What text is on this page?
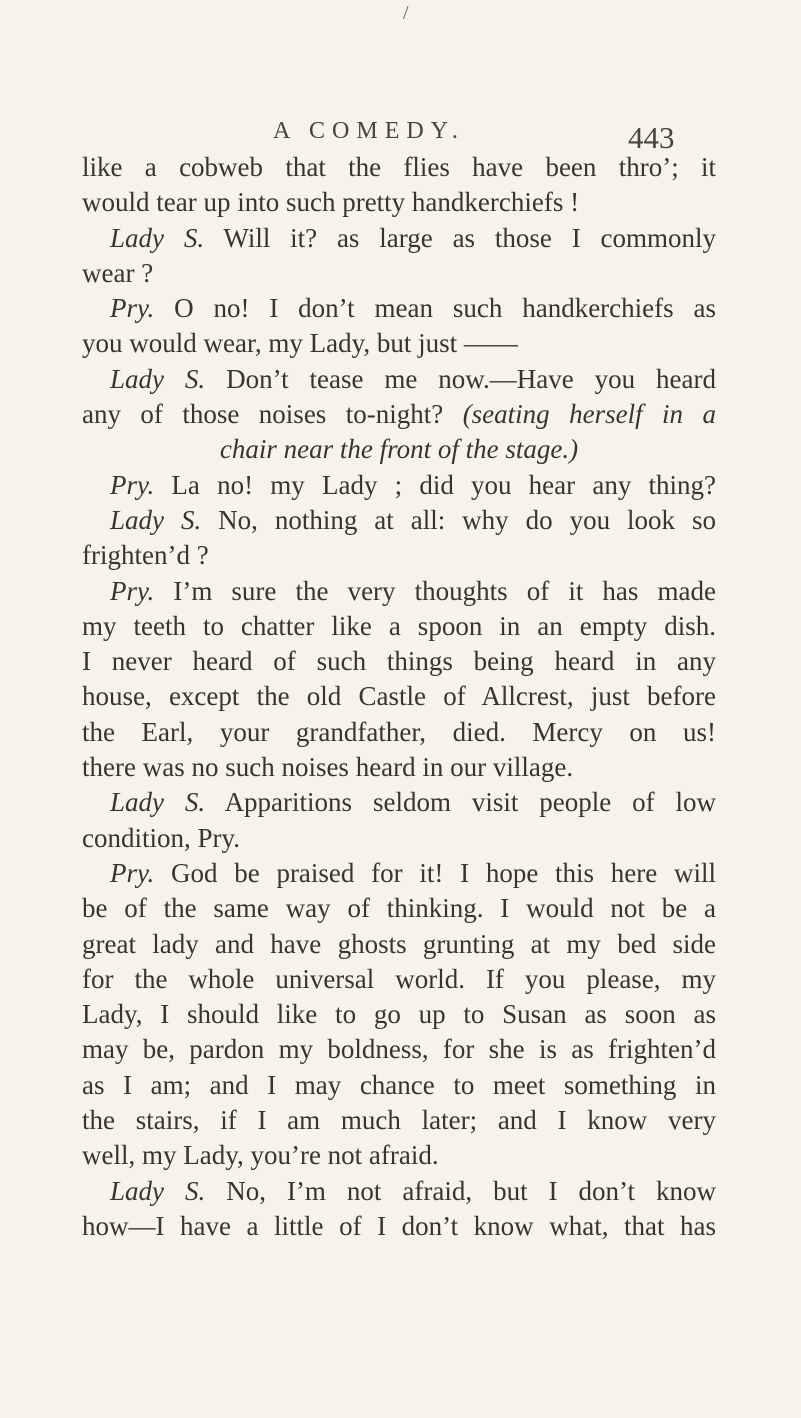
/
A COMEDY.	443
like a cobweb that the flies have been thro’; it
would tear up into such pretty handkerchiefs !
Lady S. Will it? as large as those I commonly
wear ?
Pry. O no! I don’t mean such handkerchiefs as
you would wear, my Lady, but just ——
Lady S. Don’t tease me now.—Have you heard
any of those noises to-night? (seating herself in a
chair near the front of the stage.)
Pry. La no! my Lady ; did you hear any thing?
Lady S. No, nothing at all: why do you look so
frighten’d ?
Pry. I’m sure the very thoughts of it has made
my teeth to chatter like a spoon in an empty dish.
I never heard of such things being heard in any
house, except the old Castle of Allcrest, just before
the Earl, your grandfather, died. Mercy on us!
there was no such noises heard in our village.
Lady S. Apparitions seldom visit people of low
condition, Pry.
Pry. God be praised for it! I hope this here will
be of the same way of thinking. I would not be a
great lady and have ghosts grunting at my bed side
for the whole universal world. If you please, my
Lady, I should like to go up to Susan as soon as
may be, pardon my boldness, for she is as frighten’d
as I am; and I may chance to meet something in
the stairs, if I am much later; and I know very
well, my Lady, you’re not afraid.
Lady S. No, I’m not afraid, but I don’t know
how—I have a little of I don’t know what, that has
